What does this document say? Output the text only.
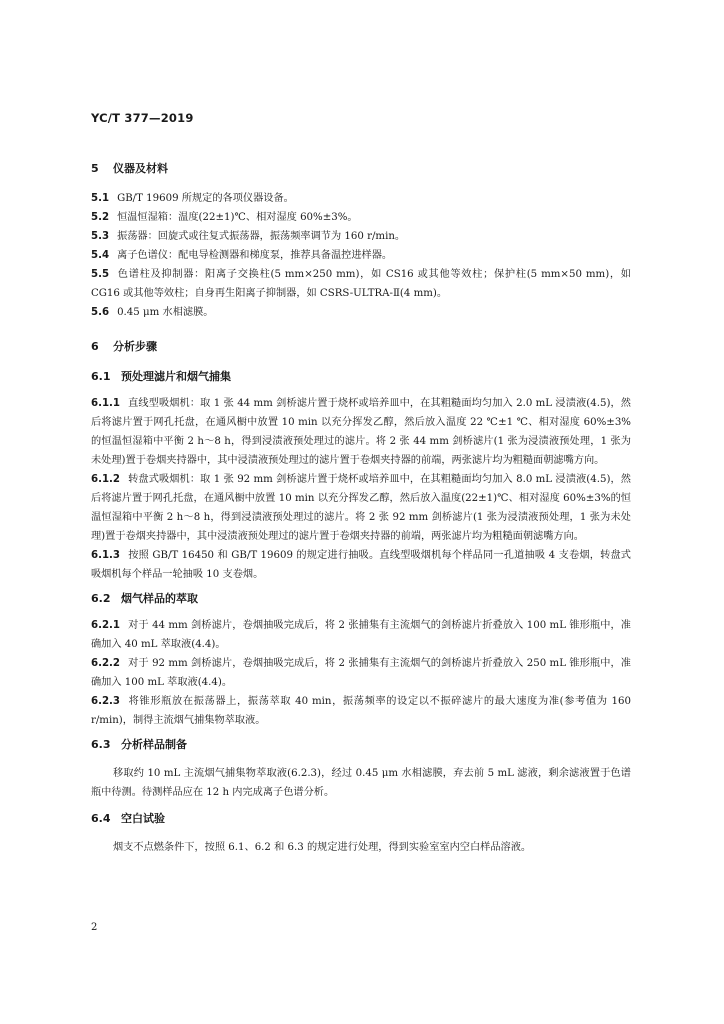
YC/T 377—2019
5 仪器及材料
5.1 GB/T 19609 所规定的各项仪器设备。
5.2 恒温恒湿箱：温度(22±1)℃、相对湿度 60%±3%。
5.3 振荡器：回旋式或往复式振荡器，振荡频率调节为 160 r/min。
5.4 离子色谱仪：配电导检测器和梯度泵，推荐具备温控进样器。
5.5 色谱柱及抑制器：阳离子交换柱(5 mm×250 mm)，如 CS16 或其他等效柱；保护柱(5 mm×50 mm)，如 CG16 或其他等效柱；自身再生阳离子抑制器，如 CSRS-ULTRA-Ⅱ(4 mm)。
5.6 0.45 μm 水相滤膜。
6 分析步骤
6.1 预处理滤片和烟气捕集
6.1.1 直线型吸烟机：取 1 张 44 mm 剑桥滤片置于烧杯或培养皿中，在其粗糙面均匀加入 2.0 mL 浸渍液(4.5)，然后将滤片置于网孔托盘，在通风橱中放置 10 min 以充分挥发乙醇，然后放入温度 22 ℃±1 ℃、相对湿度 60%±3%的恒温恒湿箱中平衡 2 h～8 h，得到浸渍液预处理过的滤片。将 2 张 44 mm 剑桥滤片(1 张为浸渍液预处理，1 张为未处理)置于卷烟夹持器中，其中浸渍液预处理过的滤片置于卷烟夹持器的前端，两张滤片均为粗糙面朝滤嘴方向。
6.1.2 转盘式吸烟机：取 1 张 92 mm 剑桥滤片置于烧杯或培养皿中，在其粗糙面均匀加入 8.0 mL 浸渍液(4.5)，然后将滤片置于网孔托盘，在通风橱中放置 10 min 以充分挥发乙醇，然后放入温度(22±1)℃、相对湿度 60%±3%的恒温恒湿箱中平衡 2 h～8 h，得到浸渍液预处理过的滤片。将 2 张 92 mm 剑桥滤片(1 张为浸渍液预处理，1 张为未处理)置于卷烟夹持器中，其中浸渍液预处理过的滤片置于卷烟夹持器的前端，两张滤片均为粗糙面朝滤嘴方向。
6.1.3 按照 GB/T 16450 和 GB/T 19609 的规定进行抽吸。直线型吸烟机每个样品同一孔道抽吸 4 支卷烟，转盘式吸烟机每个样品一轮抽吸 10 支卷烟。
6.2 烟气样品的萃取
6.2.1 对于 44 mm 剑桥滤片，卷烟抽吸完成后，将 2 张捕集有主流烟气的剑桥滤片折叠放入 100 mL 锥形瓶中，准确加入 40 mL 萃取液(4.4)。
6.2.2 对于 92 mm 剑桥滤片，卷烟抽吸完成后，将 2 张捕集有主流烟气的剑桥滤片折叠放入 250 mL 锥形瓶中，准确加入 100 mL 萃取液(4.4)。
6.2.3 将锥形瓶放在振荡器上，振荡萃取 40 min，振荡频率的设定以不振碎滤片的最大速度为准(参考值为 160 r/min)，制得主流烟气捕集物萃取液。
6.3 分析样品制备
移取约 10 mL 主流烟气捕集物萃取液(6.2.3)，经过 0.45 μm 水相滤膜，弃去前 5 mL 滤液，剩余滤液置于色谱瓶中待测。待测样品应在 12 h 内完成离子色谱分析。
6.4 空白试验
烟支不点燃条件下，按照 6.1、6.2 和 6.3 的规定进行处理，得到实验室室内空白样品溶液。
2
